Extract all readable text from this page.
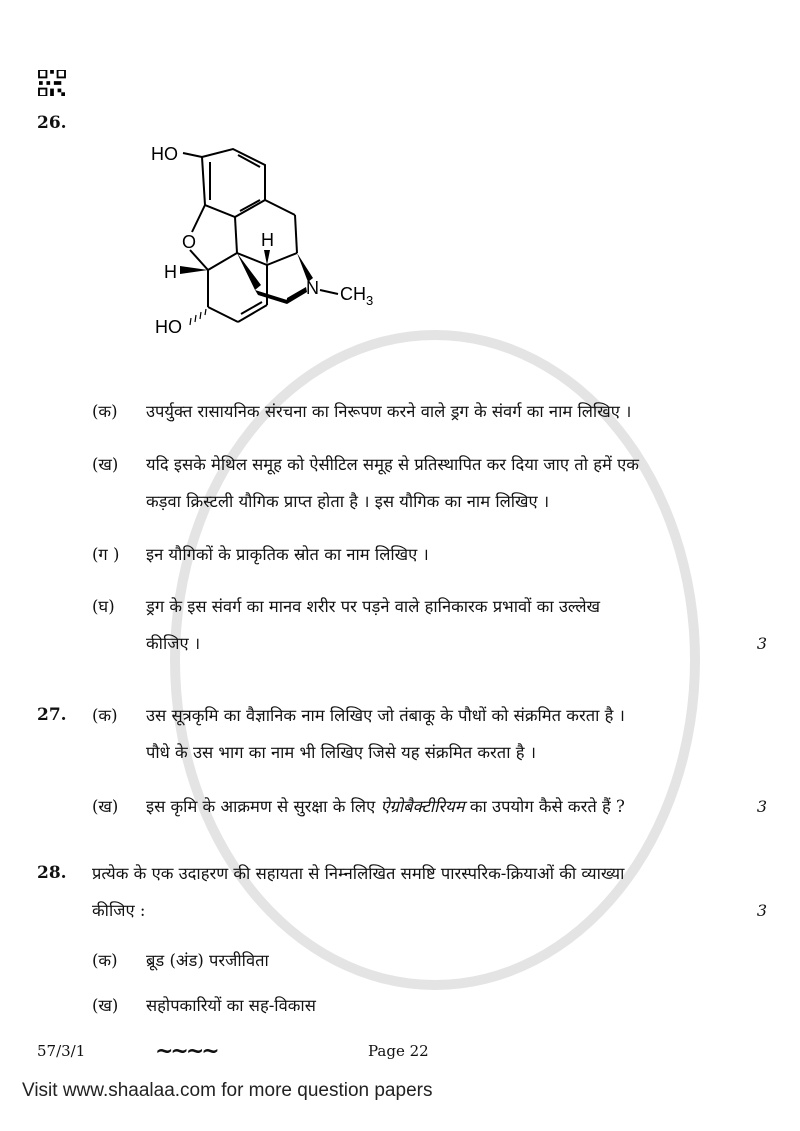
26.
HO
O
H
H
N $CH_3$
HO
(क)	उपर्युक्त रासायनिक संरचना का निरूपण करने वाले ड्रग के संवर्ग का नाम लिखिए ।
(ख)	यदि इसके मेथिल समूह को ऐसीटिल समूह से प्रतिस्थापित कर दिया जाए तो हमें एक
कड़वा क्रिस्टली यौगिक प्राप्त होता है । इस यौगिक का नाम लिखिए ।
(ग )	इन यौगिकों के प्राकृतिक स्रोत का नाम लिखिए ।
(घ)	ड्रग के इस संवर्ग का मानव शरीर पर पड़ने वाले हानिकारक प्रभावों का उल्लेख
कीजिए ।	3
27.	(क)	उस सूत्रकृमि का वैज्ञानिक नाम लिखिए जो तंबाकू के पौधों को संक्रमित करता है ।
पौधे के उस भाग का नाम भी लिखिए जिसे यह संक्रमित करता है ।
(ख)	इस कृमि के आक्रमण से सुरक्षा के लिए ऐग्रोबैक्टीरियम का उपयोग कैसे करते हैं ?	3
28.	प्रत्येक के एक उदाहरण की सहायता से निम्नलिखित समष्टि पारस्परिक-क्रियाओं की व्याख्या
कीजिए :	3
(क)	ब्रूड (अंड) परजीविता
(ख)	सहोपकारियों का सह-विकास
57/3/1	~~~~	Page 22
Visit www.shaalaa.com for more question papers
